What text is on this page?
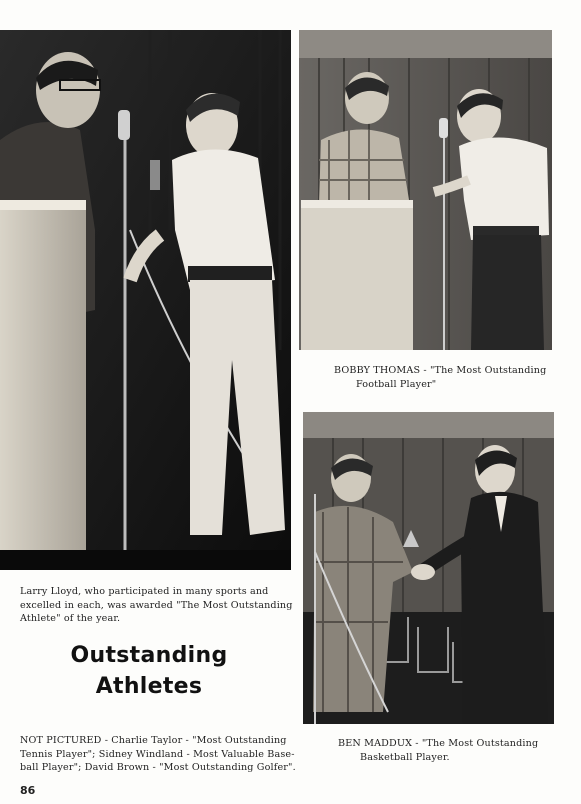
Larry Lloyd, who participated in many sports and
excelled in each, was awarded "The Most Outstanding
Athlete" of the year.
BOBBY THOMAS - "The Most Outstanding
Football Player"
BEN MADDUX - "The Most Outstanding
Basketball Player.
Outstanding
Athletes
NOT PICTURED - Charlie Taylor - "Most Outstanding
Tennis Player"; Sidney Windland - Most Valuable Base-
ball Player"; David Brown - "Most Outstanding Golfer".
86
